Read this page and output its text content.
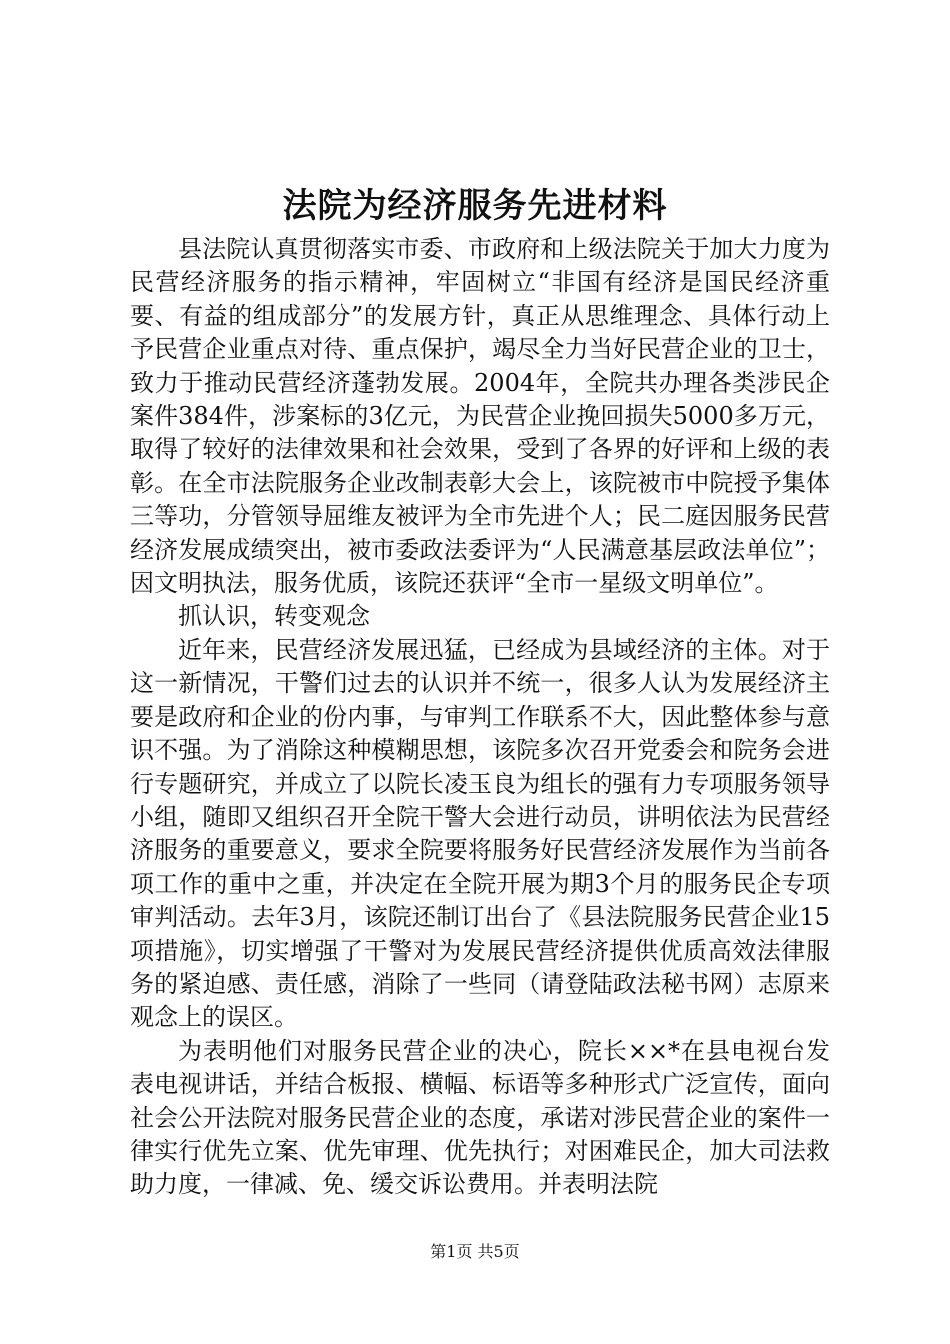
法院为经济服务先进材料

县法院认真贯彻落实市委、市政府和上级法院关于加大力度为民营经济服务的指示精神，牢固树立“非国有经济是国民经济重要、有益的组成部分”的发展方针，真正从思维理念、具体行动上予民营企业重点对待、重点保护，竭尽全力当好民营企业的卫士，致力于推动民营经济蓬勃发展。2004年，全院共办理各类涉民企案件384件，涉案标的3亿元，为民营企业挽回损失5000多万元，取得了较好的法律效果和社会效果，受到了各界的好评和上级的表彰。在全市法院服务企业改制表彰大会上，该院被市中院授予集体三等功，分管领导屈维友被评为全市先进个人；民二庭因服务民营经济发展成绩突出，被市委政法委评为“人民满意基层政法单位”；因文明执法，服务优质，该院还获评“全市一星级文明单位”。

抓认识，转变观念

近年来，民营经济发展迅猛，已经成为县域经济的主体。对于这一新情况，干警们过去的认识并不统一，很多人认为发展经济主要是政府和企业的份内事，与审判工作联系不大，因此整体参与意识不强。为了消除这种模糊思想，该院多次召开党委会和院务会进行专题研究，并成立了以院长凌玉良为组长的强有力专项服务领导小组，随即又组织召开全院干警大会进行动员，讲明依法为民营经济服务的重要意义，要求全院要将服务好民营经济发展作为当前各项工作的重中之重，并决定在全院开展为期3个月的服务民企专项审判活动。去年3月，该院还制订出台了《县法院服务民营企业15项措施》，切实增强了干警对为发展民营经济提供优质高效法律服务的紧迫感、责任感，消除了一些同（请登陆政法秘书网）志原来观念上的误区。

为表明他们对服务民营企业的决心，院长××*在县电视台发表电视讲话，并结合板报、横幅、标语等多种形式广泛宣传，面向社会公开法院对服务民营企业的态度，承诺对涉民营企业的案件一律实行优先立案、优先审理、优先执行；对困难民企，加大司法救助力度，一律减、免、缓交诉讼费用。并表明法院

第1页 共5页
